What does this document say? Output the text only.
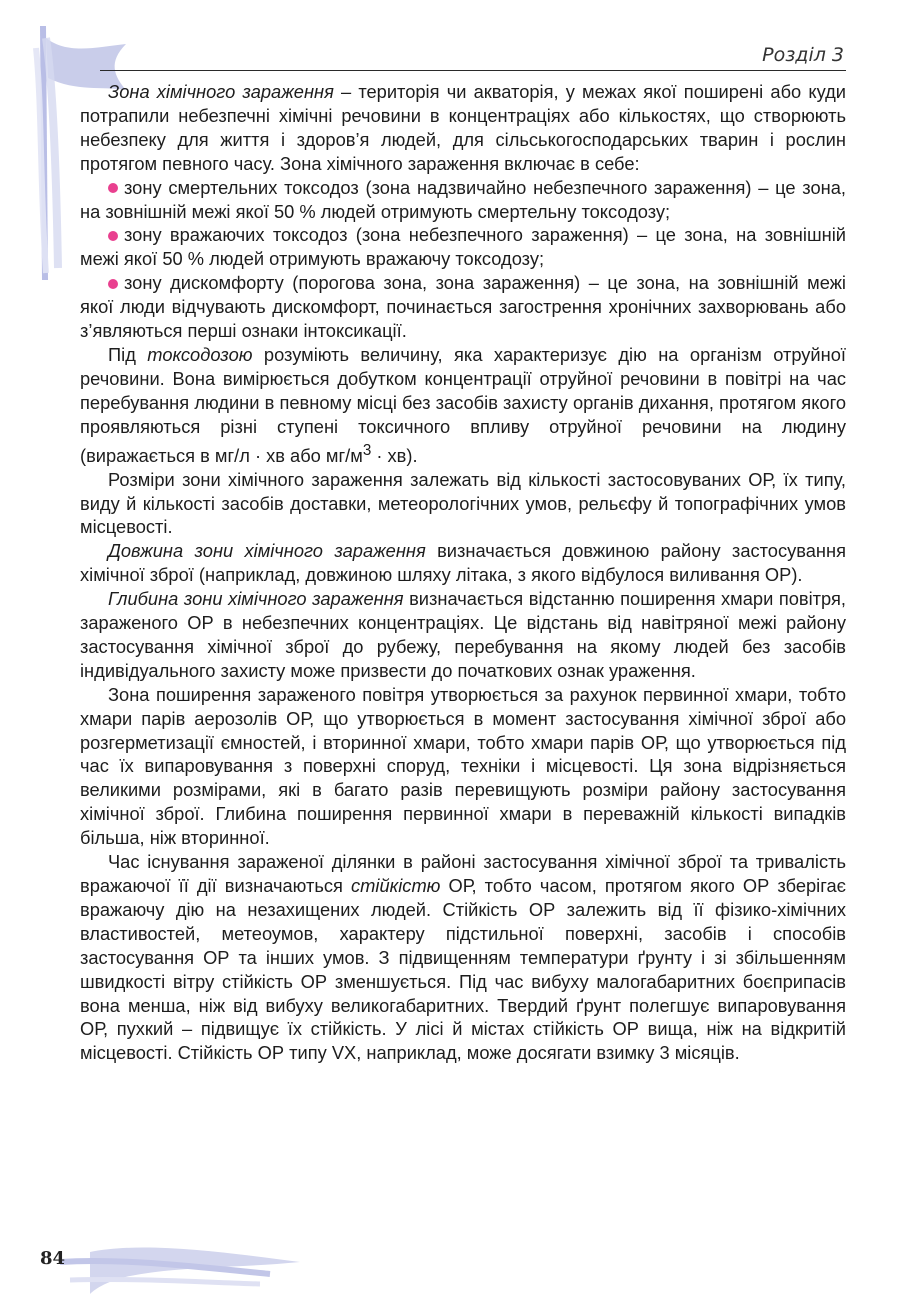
Розділ 3

Зона хімічного зараження – територія чи акваторія, у межах якої поширені або куди потрапили небезпечні хімічні речовини в концентраціях або кількостях, що створюють небезпеку для життя і здоров’я людей, для сільськогосподарських тварин і рослин протягом певного часу. Зона хімічного зараження включає в себе:

зону смертельних токсодоз (зона надзвичайно небезпечного зараження) – це зона, на зовнішній межі якої 50 % людей отримують смертельну токсодозу;

зону вражаючих токсодоз (зона небезпечного зараження) – це зона, на зовнішній межі якої 50 % людей отримують вражаючу токсодозу;

зону дискомфорту (порогова зона, зона зараження) – це зона, на зовнішній межі якої люди відчувають дискомфорт, починається загострення хронічних захворювань або з’являються перші ознаки інтоксикації.

Під токсодозою розуміють величину, яка характеризує дію на організм отруйної речовини. Вона вимірюється добутком концентрації отруйної речовини в повітрі на час перебування людини в певному місці без засобів захисту органів дихання, протягом якого проявляються різні ступені токсичного впливу отруйної речовини на людину (виражається в мг/л · хв або $мг/м^3 \cdot хв$).

Розміри зони хімічного зараження залежать від кількості застосовуваних ОР, їх типу, виду й кількості засобів доставки, метеорологічних умов, рельєфу й топографічних умов місцевості.

Довжина зони хімічного зараження визначається довжиною району застосування хімічної зброї (наприклад, довжиною шляху літака, з якого відбулося виливання ОР).

Глибина зони хімічного зараження визначається відстанню поширення хмари повітря, зараженого ОР в небезпечних концентраціях. Це відстань від навітряної межі району застосування хімічної зброї до рубежу, перебування на якому людей без засобів індивідуального захисту може призвести до початкових ознак ураження.

Зона поширення зараженого повітря утворюється за рахунок первинної хмари, тобто хмари парів аерозолів ОР, що утворюється в момент застосування хімічної зброї або розгерметизації ємностей, і вторинної хмари, тобто хмари парів ОР, що утворюється під час їх випаровування з поверхні споруд, техніки і місцевості. Ця зона відрізняється великими розмірами, які в багато разів перевищують розміри району застосування хімічної зброї. Глибина поширення первинної хмари в переважній кількості випадків більша, ніж вторинної.

Час існування зараженої ділянки в районі застосування хімічної зброї та тривалість вражаючої її дії визначаються стійкістю ОР, тобто часом, протягом якого ОР зберігає вражаючу дію на незахищених людей. Стійкість ОР залежить від її фізико-хімічних властивостей, метеоумов, характеру підстильної поверхні, засобів і способів застосування ОР та інших умов. З підвищенням температури ґрунту і зі збільшенням швидкості вітру стійкість ОР зменшується. Під час вибуху малогабаритних боєприпасів вона менша, ніж від вибуху великогабаритних. Твердий ґрунт полегшує випаровування ОР, пухкий – підвищує їх стійкість. У лісі й містах стійкість ОР вища, ніж на відкритій місцевості. Стійкість ОР типу VX, наприклад, може досягати взимку 3 місяців.

84
